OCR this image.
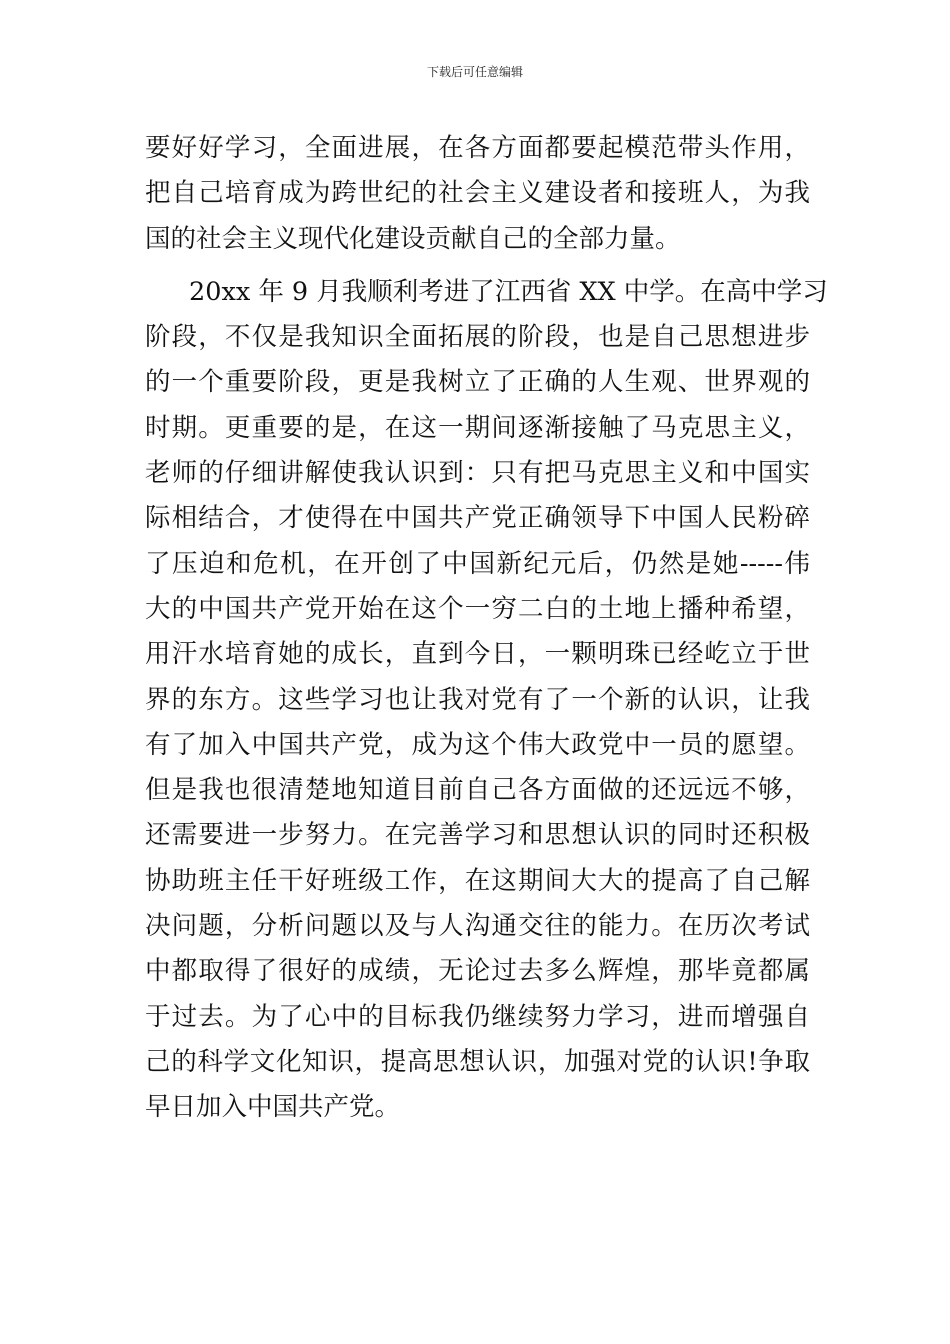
下载后可任意编辑
要好好学习，全面进展，在各方面都要起模范带头作用，
把自己培育成为跨世纪的社会主义建设者和接班人，为我
国的社会主义现代化建设贡献自己的全部力量。
20xx 年 9 月我顺利考进了江西省 XX 中学。在高中学习
阶段，不仅是我知识全面拓展的阶段，也是自己思想进步
的一个重要阶段，更是我树立了正确的人生观、世界观的
时期。更重要的是，在这一期间逐渐接触了马克思主义，
老师的仔细讲解使我认识到：只有把马克思主义和中国实
际相结合，才使得在中国共产党正确领导下中国人民粉碎
了压迫和危机，在开创了中国新纪元后，仍然是她-----伟
大的中国共产党开始在这个一穷二白的土地上播种希望，
用汗水培育她的成长，直到今日，一颗明珠已经屹立于世
界的东方。这些学习也让我对党有了一个新的认识，让我
有了加入中国共产党，成为这个伟大政党中一员的愿望。
但是我也很清楚地知道目前自己各方面做的还远远不够，
还需要进一步努力。在完善学习和思想认识的同时还积极
协助班主任干好班级工作，在这期间大大的提高了自己解
决问题，分析问题以及与人沟通交往的能力。在历次考试
中都取得了很好的成绩，无论过去多么辉煌，那毕竟都属
于过去。为了心中的目标我仍继续努力学习，进而增强自
己的科学文化知识，提高思想认识，加强对党的认识!争取
早日加入中国共产党。
